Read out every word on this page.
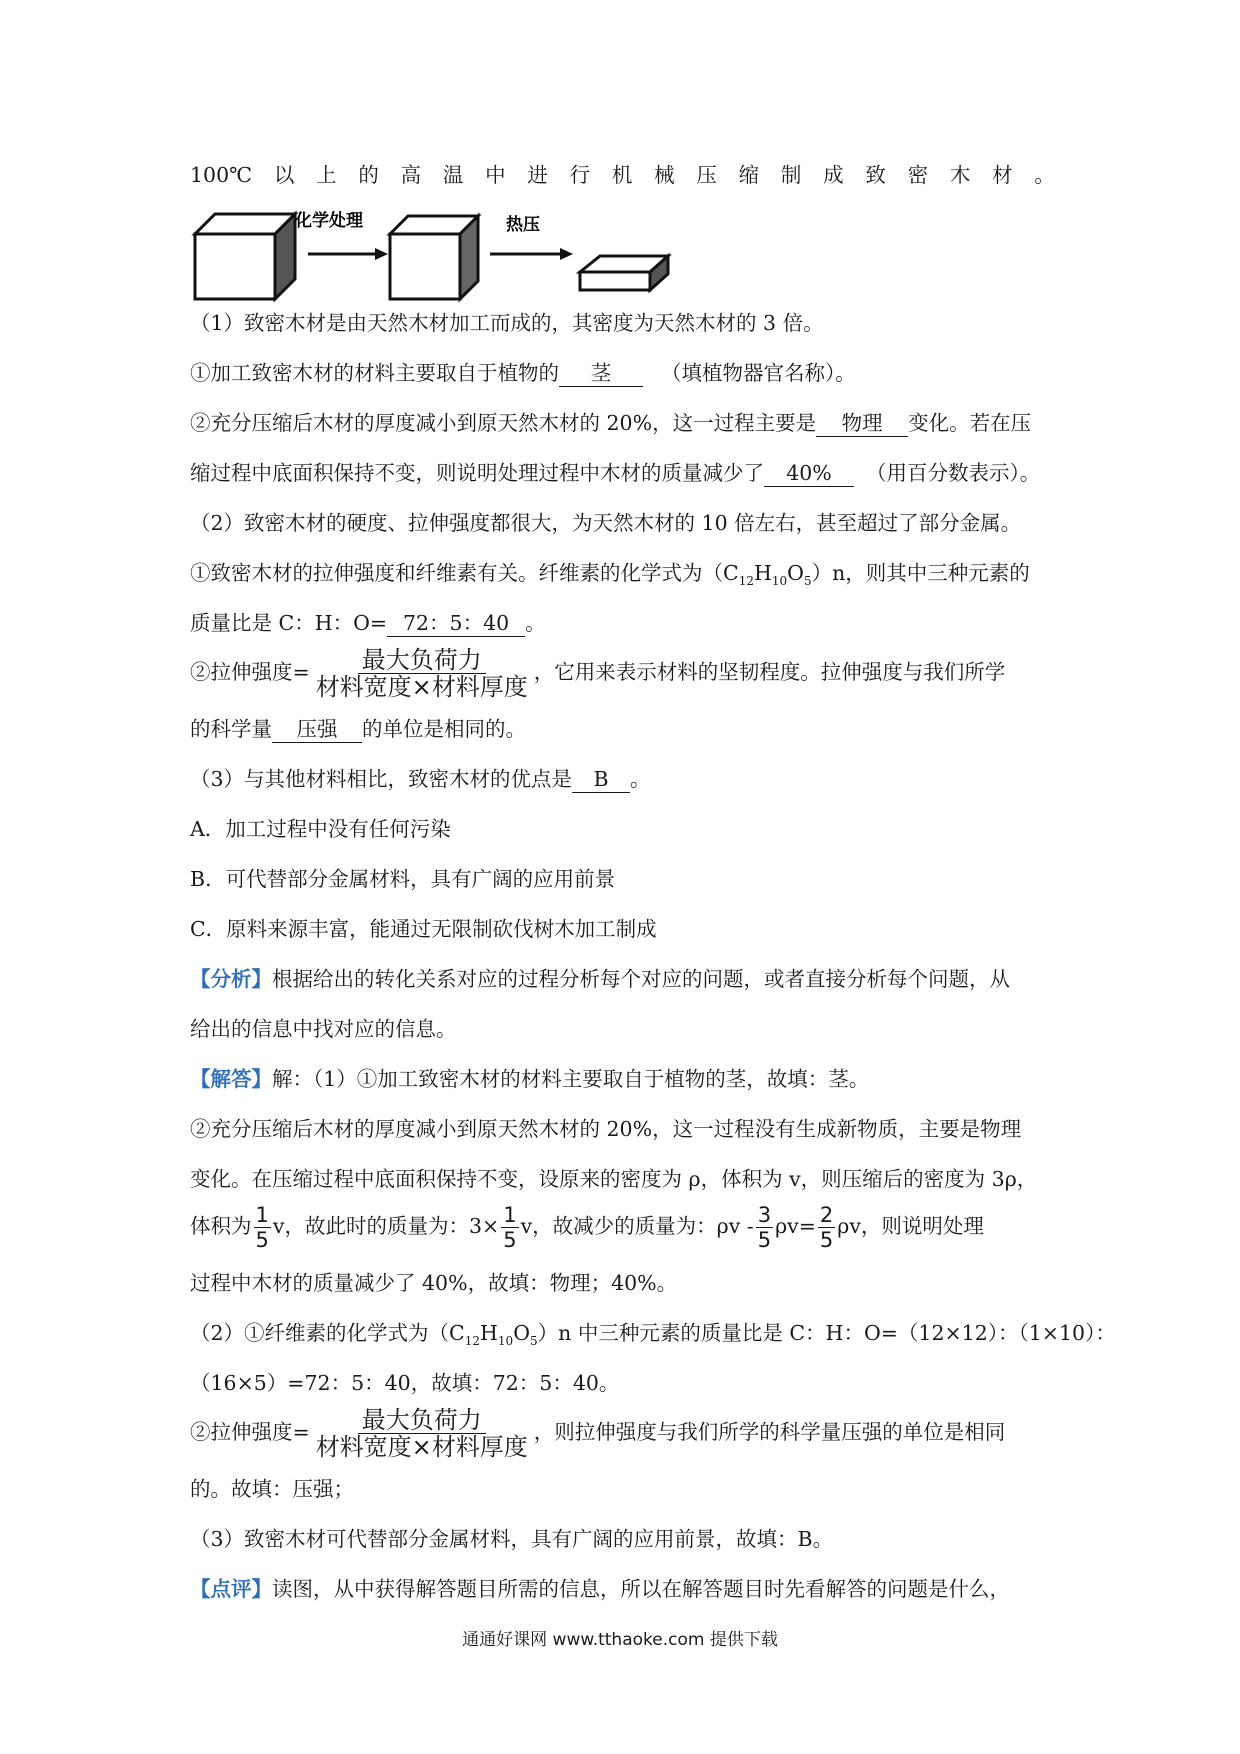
100℃ 以 上 的 高 温 中 进 行 机 械 压 缩 制 成 致 密 木 材 。
化学处理	热压
（1）致密木材是由天然木材加工而成的，其密度为天然木材的 3 倍。
①加工致密木材的材料主要取自于植物的 茎 （填植物器官名称）。
②充分压缩后木材的厚度减小到原天然木材的 20%，这一过程主要是 物理 变化。若在压
缩过程中底面积保持不变，则说明处理过程中木材的质量减少了 40% （用百分数表示）。
（2）致密木材的硬度、拉伸强度都很大，为天然木材的 10 倍左右，甚至超过了部分金属。
①致密木材的拉伸强度和纤维素有关。纤维素的化学式为$(C_{12}H_{10}O_5)n$，则其中三种元素的
质量比是 C：H：O= 72：5：40 。
②拉伸强度= $\frac{\text{最大负荷力}}{\text{材料宽度×材料厚度}}$ ，它用来表示材料的坚韧程度。拉伸强度与我们所学
的科学量 压强 的单位是相同的。
（3）与其他材料相比，致密木材的优点是 B 。
A．加工过程中没有任何污染
B．可代替部分金属材料，具有广阔的应用前景
C．原料来源丰富，能通过无限制砍伐树木加工制成
【分析】根据给出的转化关系对应的过程分析每个对应的问题，或者直接分析每个问题，从
给出的信息中找对应的信息。
【解答】解：（1）①加工致密木材的材料主要取自于植物的茎，故填：茎。
②充分压缩后木材的厚度减小到原天然木材的 20%，这一过程没有生成新物质，主要是物理
变化。在压缩过程中底面积保持不变，设原来的密度为 ρ，体积为 v，则压缩后的密度为 3ρ，
体积为 $\frac{1}{5}$ v，故此时的质量为：$3\times \frac{1}{5}$ v，故减少的质量为：$\rho v - \frac{3}{5} \rho v= \frac{2}{5}$ ρv，则说明处理
过程中木材的质量减少了 40%，故填：物理；40%。
（2）①纤维素的化学式为$(C_{12}H_{10}O_5)n$ 中三种元素的质量比是 C：H：O=（12×12）：（1×10）：
（16×5）=72：5：40，故填：72：5：40。
②拉伸强度= $\frac{\text{最大负荷力}}{\text{材料宽度×材料厚度}}$ ，则拉伸强度与我们所学的科学量压强的单位是相同
的。故填：压强；
（3）致密木材可代替部分金属材料，具有广阔的应用前景，故填：B。
【点评】读图，从中获得解答题目所需的信息，所以在解答题目时先看解答的问题是什么，
通通好课网 www.tthaoke.com 提供下载
